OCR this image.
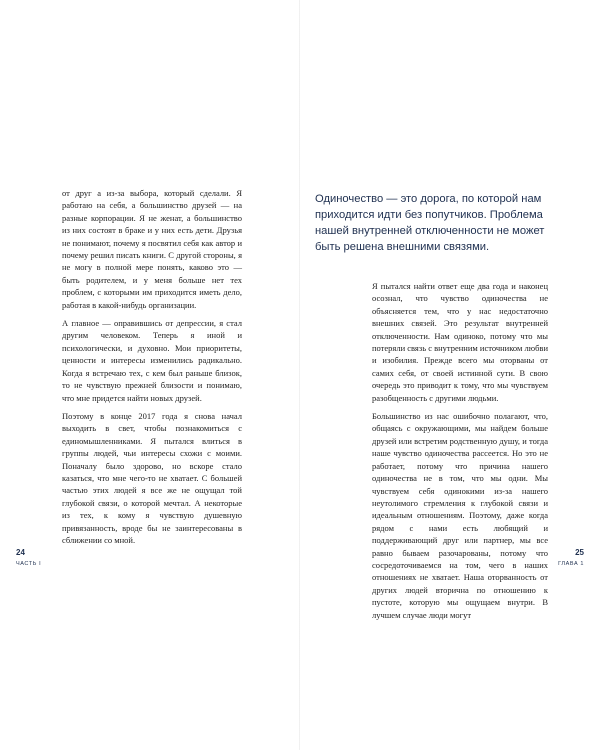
от друг а из-за выбора, который сделали. Я работаю на себя, а большинство друзей — на разные корпорации. Я не женат, а большинство из них состоят в браке и у них есть дети. Друзья не понимают, почему я посвятил себя как автор и почему решил писать книги. С другой стороны, я не могу в полной мере понять, каково это — быть родителем, и у меня больше нет тех проблем, с которыми им приходится иметь дело, работая в какой-нибудь организации.

А главное — оправившись от депрессии, я стал другим человеком. Теперь я иной и психологически, и духовно. Мои приоритеты, ценности и интересы изменились радикально. Когда я встречаю тех, с кем был раньше близок, то не чувствую прежней близости и понимаю, что мне придется найти новых друзей.

Поэтому в конце 2017 года я снова начал выходить в свет, чтобы познакомиться с единомышленниками. Я пытался влиться в группы людей, чьи интересы схожи с моими. Поначалу было здорово, но вскоре стало казаться, что мне чего-то не хватает. С большей частью этих людей я все же не ощущал той глубокой связи, о которой мечтал. А некоторые из тех, к кому я чувствую душевную привязанность, вроде бы не заинтересованы в сближении со мной.

24
ЧАСТЬ I
Одиночество — это дорога, по которой нам приходится идти без попутчиков. Проблема нашей внутренней отключенности не может быть решена внешними связями.

Я пытался найти ответ еще два года и наконец осознал, что чувство одиночества не объясняется тем, что у нас недостаточно внешних связей. Это результат внутренней отключенности. Нам одиноко, потому что мы потеряли связь с внутренним источником любви и изобилия. Прежде всего мы оторваны от самих себя, от своей истинной сути. В свою очередь это приводит к тому, что мы чувствуем разобщенность с другими людьми.

Большинство из нас ошибочно полагают, что, общаясь с окружающими, мы найдем больше друзей или встретим родственную душу, и тогда наше чувство одиночества рассеется. Но это не работает, потому что причина нашего одиночества не в том, что мы одни. Мы чувствуем себя одинокими из-за нашего неутолимого стремления к глубокой связи и идеальным отношениям. Поэтому, даже когда рядом с нами есть любящий и поддерживающий друг или партнер, мы все равно бываем разочарованы, потому что сосредоточиваемся на том, чего в наших отношениях не хватает. Наша оторванность от других людей вторична по отношению к пустоте, которую мы ощущаем внутри. В лучшем случае люди могут

25
ГЛАВА 1
